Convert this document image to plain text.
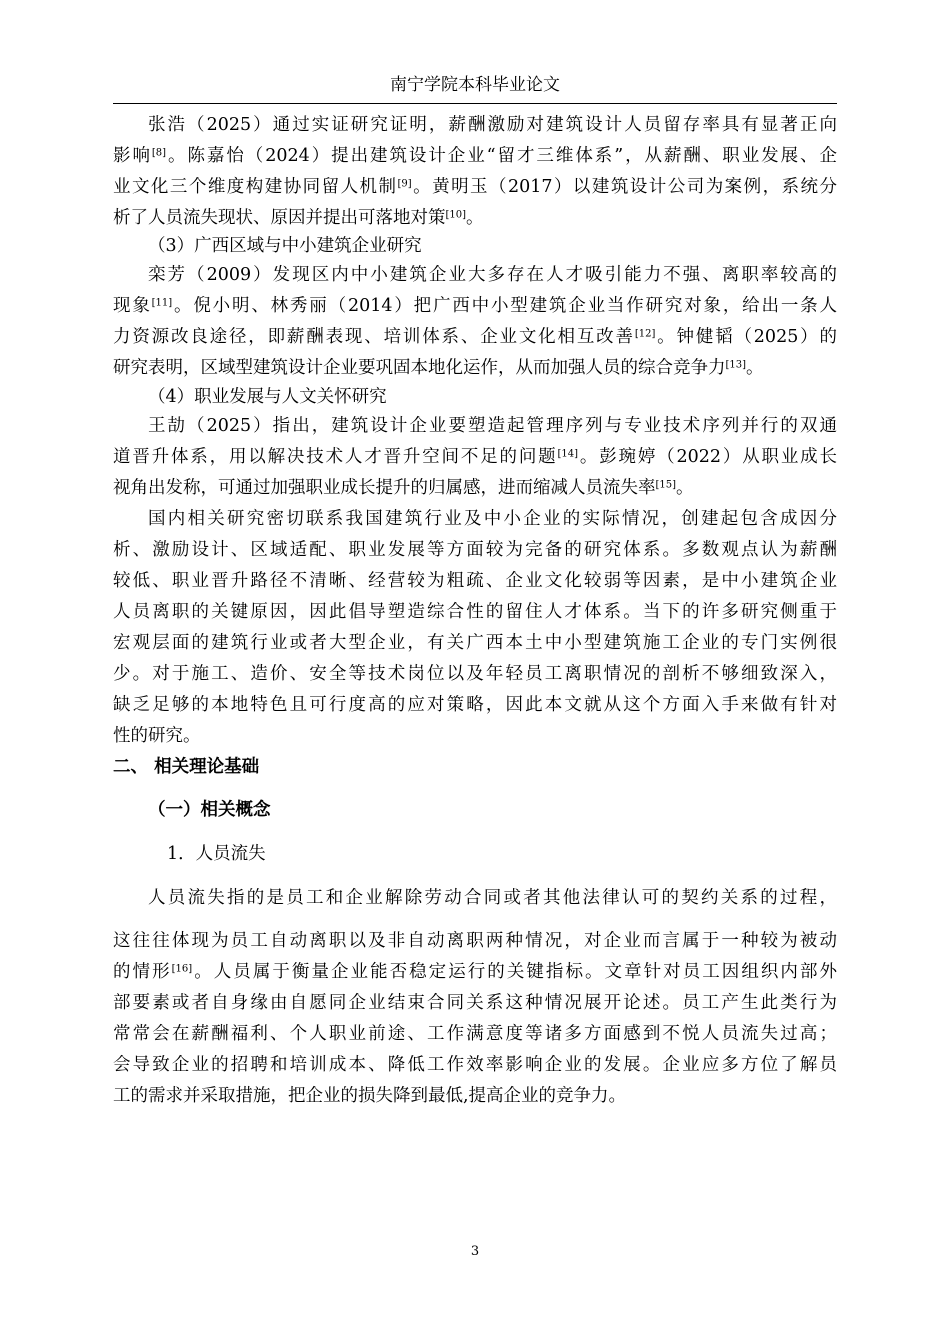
南宁学院本科毕业论文
张浩（2025）通过实证研究证明，薪酬激励对建筑设计人员留存率具有显著正向
影响[8]。陈嘉怡（2024）提出建筑设计企业“留才三维体系”，从薪酬、职业发展、企
业文化三个维度构建协同留人机制[9]。黄明玉（2017）以建筑设计公司为案例，系统分
析了人员流失现状、原因并提出可落地对策[10]。
（3）广西区域与中小建筑企业研究
栾芳（2009）发现区内中小建筑企业大多存在人才吸引能力不强、离职率较高的
现象[11]。倪小明、林秀丽（2014）把广西中小型建筑企业当作研究对象，给出一条人
力资源改良途径，即薪酬表现、培训体系、企业文化相互改善[12]。钟健韬（2025）的
研究表明，区域型建筑设计企业要巩固本地化运作，从而加强人员的综合竞争力[13]。
（4）职业发展与人文关怀研究
王劼（2025）指出，建筑设计企业要塑造起管理序列与专业技术序列并行的双通
道晋升体系，用以解决技术人才晋升空间不足的问题[14]。彭琬婷（2022）从职业成长
视角出发称，可通过加强职业成长提升的归属感，进而缩减人员流失率[15]。
国内相关研究密切联系我国建筑行业及中小企业的实际情况，创建起包含成因分
析、激励设计、区域适配、职业发展等方面较为完备的研究体系。多数观点认为薪酬
较低、职业晋升路径不清晰、经营较为粗疏、企业文化较弱等因素，是中小建筑企业
人员离职的关键原因，因此倡导塑造综合性的留住人才体系。当下的许多研究侧重于
宏观层面的建筑行业或者大型企业，有关广西本土中小型建筑施工企业的专门实例很
少。对于施工、造价、安全等技术岗位以及年轻员工离职情况的剖析不够细致深入，
缺乏足够的本地特色且可行度高的应对策略，因此本文就从这个方面入手来做有针对
性的研究。
二、 相关理论基础
（一）相关概念
1．人员流失
人员流失指的是员工和企业解除劳动合同或者其他法律认可的契约关系的过程，
这往往体现为员工自动离职以及非自动离职两种情况，对企业而言属于一种较为被动
的情形[16]。人员属于衡量企业能否稳定运行的关键指标。文章针对员工因组织内部外
部要素或者自身缘由自愿同企业结束合同关系这种情况展开论述。员工产生此类行为
常常会在薪酬福利、个人职业前途、工作满意度等诸多方面感到不悦人员流失过高；
会导致企业的招聘和培训成本、降低工作效率影响企业的发展。企业应多方位了解员
工的需求并采取措施，把企业的损失降到最低,提高企业的竞争力。
3
